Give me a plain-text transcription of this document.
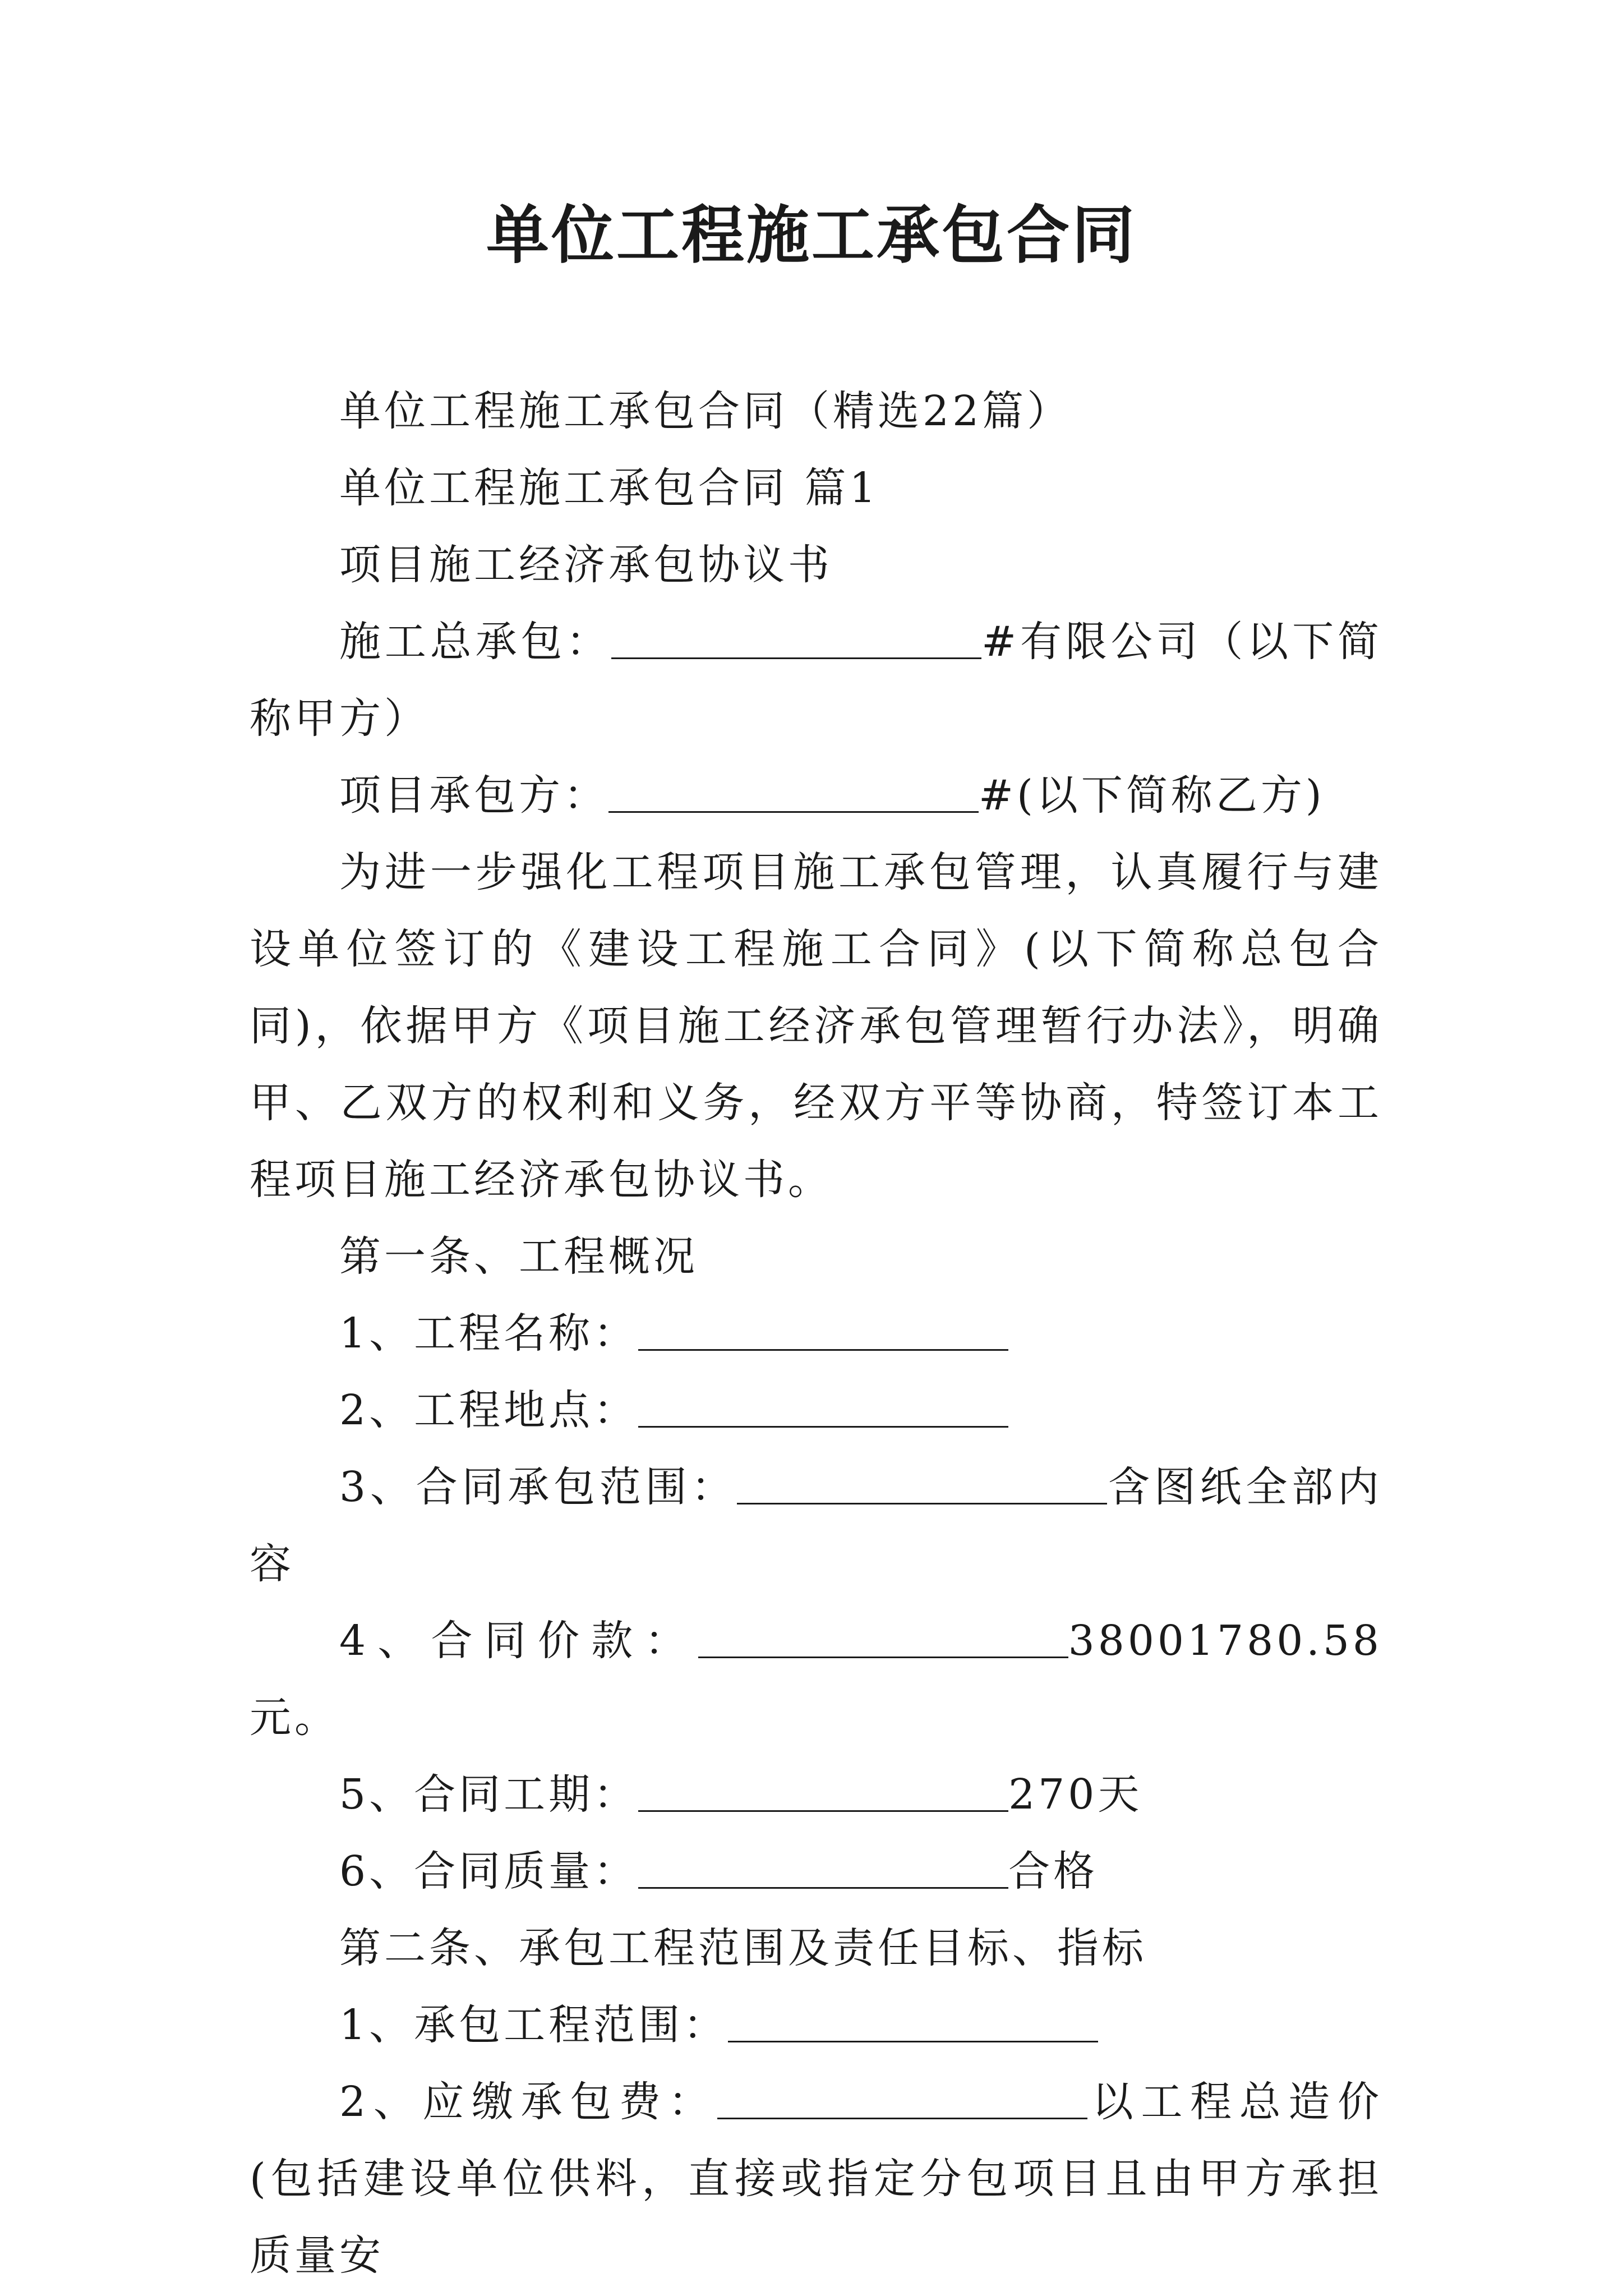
单位工程施工承包合同

单位工程施工承包合同（精选22篇）

单位工程施工承包合同 篇1

项目施工经济承包协议书

施工总承包：	#有限公司（以下简称甲方）

项目承包方：	#(以下简称乙方)

为进一步强化工程项目施工承包管理，认真履行与建设单位签订的《建设工程施工合同》(以下简称总包合同)，依据甲方《项目施工经济承包管理暂行办法》，明确甲、乙双方的权利和义务，经双方平等协商，特签订本工程项目施工经济承包协议书。

第一条、工程概况

1、工程名称：

2、工程地点：

3、合同承包范围：	含图纸全部内容

4、合同价款：	38001780.58元。

5、合同工期：	270天

6、合同质量：	合格

第二条、承包工程范围及责任目标、指标

1、承包工程范围：

2、应缴承包费：	以工程总造价(包括建设单位供料，直接或指定分包项目且由甲方承担质量安
